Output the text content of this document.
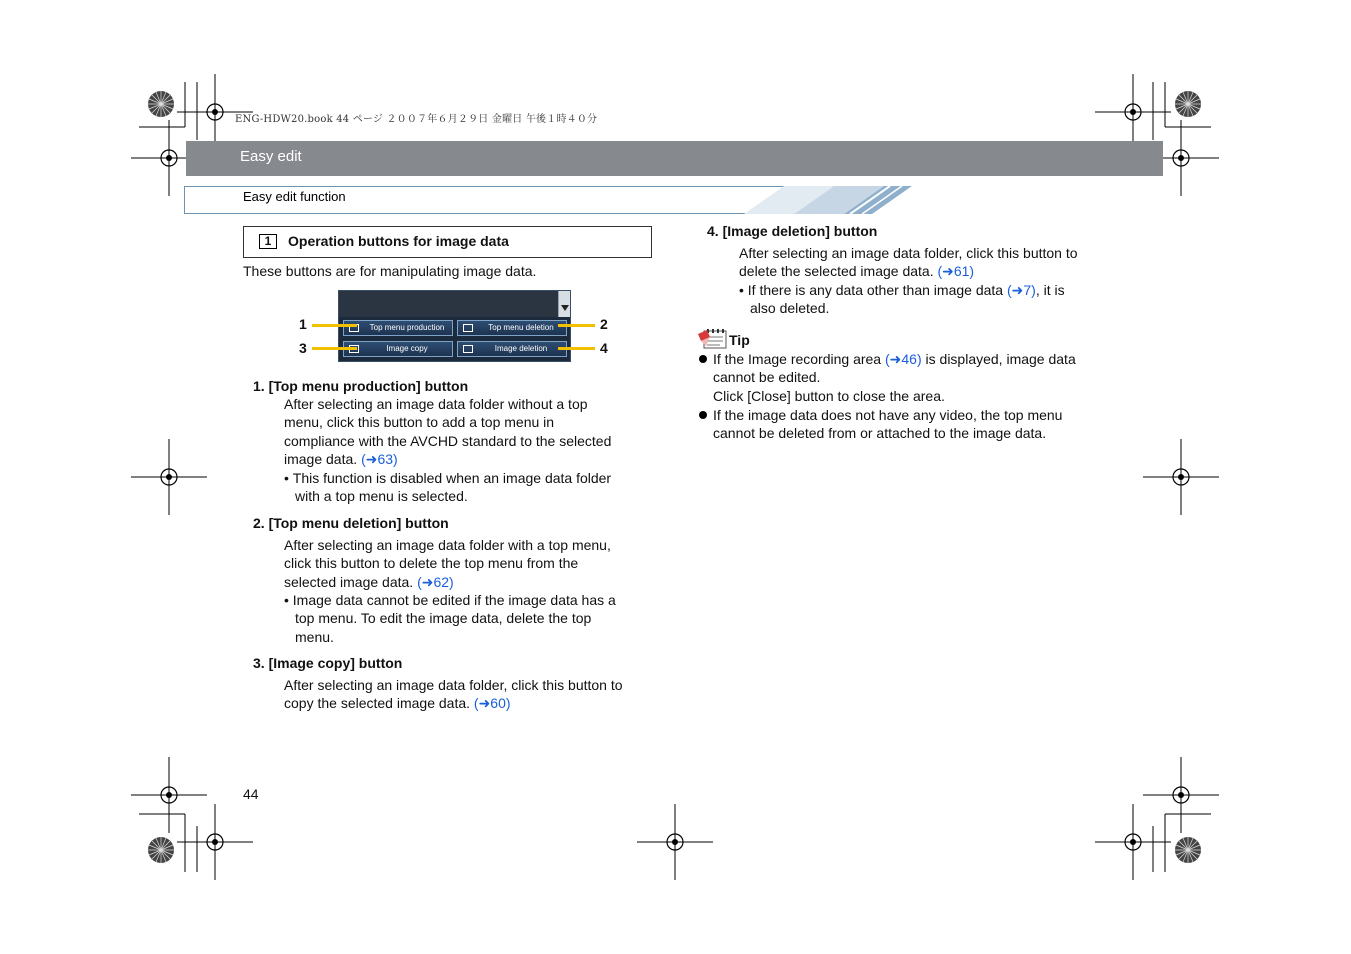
ENG-HDW20.book 44 ページ ２００７年６月２９日 金曜日 午後１時４０分
Easy edit
Easy edit function
1	Operation buttons for image data
These buttons are for manipulating image data.
Top menu production	Top menu deletion
Image copy	Image deletion
1	2
3	4
1. [Top menu production] button
After selecting an image data folder without a top
menu, click this button to add a top menu in
compliance with the AVCHD standard to the selected
image data. (➜63)
• This function is disabled when an image data folder
with a top menu is selected.
2. [Top menu deletion] button
After selecting an image data folder with a top menu,
click this button to delete the top menu from the
selected image data. (➜62)
• Image data cannot be edited if the image data has a
top menu. To edit the image data, delete the top
menu.
3. [Image copy] button
After selecting an image data folder, click this button to
copy the selected image data. (➜60)
4. [Image deletion] button
After selecting an image data folder, click this button to
delete the selected image data. (➜61)
• If there is any data other than image data (➜7), it is
also deleted.
Tip
If the Image recording area (➜46) is displayed, image data
cannot be edited.
Click [Close] button to close the area.
If the image data does not have any video, the top menu
cannot be deleted from or attached to the image data.
44
